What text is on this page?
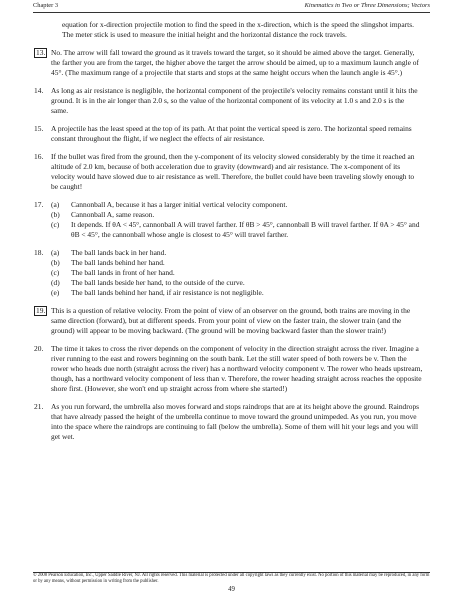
Chapter 3	Kinematics in Two or Three Dimensions; Vectors
equation for x-direction projectile motion to find the speed in the x-direction, which is the speed the slingshot imparts. The meter stick is used to measure the initial height and the horizontal distance the rock travels.
13. No. The arrow will fall toward the ground as it travels toward the target, so it should be aimed above the target. Generally, the farther you are from the target, the higher above the target the arrow should be aimed, up to a maximum launch angle of 45°. (The maximum range of a projectile that starts and stops at the same height occurs when the launch angle is 45°.)
14.	As long as air resistance is negligible, the horizontal component of the projectile's velocity remains constant until it hits the ground. It is in the air longer than 2.0 s, so the value of the horizontal component of its velocity at 1.0 s and 2.0 s is the same.
15.	A projectile has the least speed at the top of its path. At that point the vertical speed is zero. The horizontal speed remains constant throughout the flight, if we neglect the effects of air resistance.
16.	If the bullet was fired from the ground, then the y-component of its velocity slowed considerably by the time it reached an altitude of 2.0 km, because of both acceleration due to gravity (downward) and air resistance. The x-component of its velocity would have slowed due to air resistance as well. Therefore, the bullet could have been traveling slowly enough to be caught!
17.	(a)	Cannonball A, because it has a larger initial vertical velocity component.
(b)	Cannonball A, same reason.
(c)	It depends. If θA < 45°, cannonball A will travel farther. If θB > 45°, cannonball B will travel farther. If θA > 45° and θB < 45°, the cannonball whose angle is closest to 45° will travel farther.
18.	(a)	The ball lands back in her hand.
(b)	The ball lands behind her hand.
(c)	The ball lands in front of her hand.
(d)	The ball lands beside her hand, to the outside of the curve.
(e)	The ball lands behind her hand, if air resistance is not negligible.
19. This is a question of relative velocity. From the point of view of an observer on the ground, both trains are moving in the same direction (forward), but at different speeds. From your point of view on the faster train, the slower train (and the ground) will appear to be moving backward. (The ground will be moving backward faster than the slower train!)
20.	The time it takes to cross the river depends on the component of velocity in the direction straight across the river. Imagine a river running to the east and rowers beginning on the south bank. Let the still water speed of both rowers be v. Then the rower who heads due north (straight across the river) has a northward velocity component v. The rower who heads upstream, though, has a northward velocity component of less than v. Therefore, the rower heading straight across reaches the opposite shore first. (However, she won't end up straight across from where she started!)
21.	As you run forward, the umbrella also moves forward and stops raindrops that are at its height above the ground. Raindrops that have already passed the height of the umbrella continue to move toward the ground unimpeded. As you run, you move into the space where the raindrops are continuing to fall (below the umbrella). Some of them will hit your legs and you will get wet.
© 2008 Pearson Education, Inc., Upper Saddle River, NJ. All rights reserved. This material is protected under all copyright laws as they currently exist. No portion of this material may be reproduced, in any form or by any means, without permission in writing from the publisher.
49
